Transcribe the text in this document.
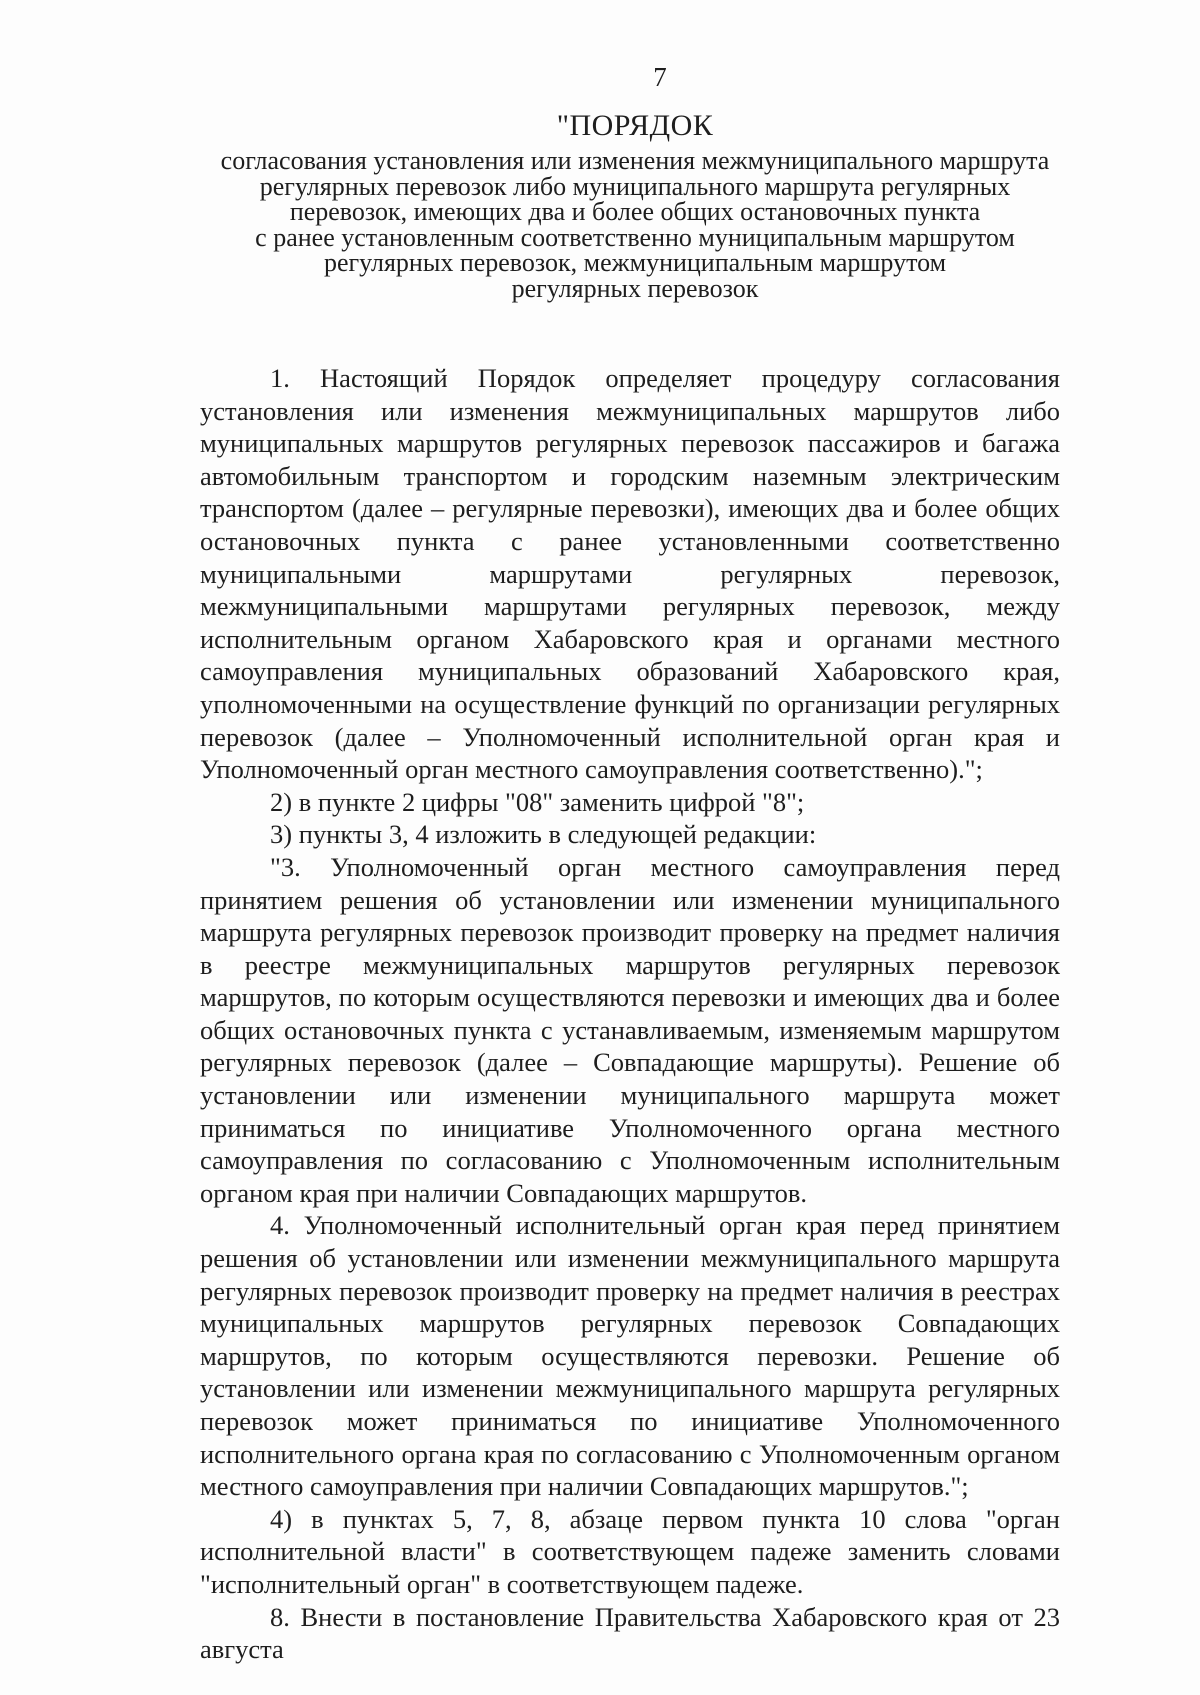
7
"ПОРЯДОК
согласования установления или изменения межмуниципального маршрута
регулярных перевозок либо муниципального маршрута регулярных
перевозок, имеющих два и более общих остановочных пункта
с ранее установленным соответственно муниципальным маршрутом
регулярных перевозок, межмуниципальным маршрутом
регулярных перевозок

1. Настоящий Порядок определяет процедуру согласования установления или изменения межмуниципальных маршрутов либо муниципальных маршрутов регулярных перевозок пассажиров и багажа автомобильным транспортом и городским наземным электрическим транспортом (далее – регулярные перевозки), имеющих два и более общих остановочных пункта с ранее установленными соответственно муниципальными маршрутами регулярных перевозок, межмуниципальными маршрутами регулярных перевозок, между исполнительным органом Хабаровского края и органами местного самоуправления муниципальных образований Хабаровского края, уполномоченными на осуществление функций по организации регулярных перевозок (далее – Уполномоченный исполнительной орган края и Уполномоченный орган местного самоуправления соответственно).";

2) в пункте 2 цифры "08" заменить цифрой "8";

3) пункты 3, 4 изложить в следующей редакции:

"3. Уполномоченный орган местного самоуправления перед принятием решения об установлении или изменении муниципального маршрута регулярных перевозок производит проверку на предмет наличия в реестре межмуниципальных маршрутов регулярных перевозок маршрутов, по которым осуществляются перевозки и имеющих два и более общих остановочных пункта с устанавливаемым, изменяемым маршрутом регулярных перевозок (далее – Совпадающие маршруты). Решение об установлении или изменении муниципального маршрута может приниматься по инициативе Уполномоченного органа местного самоуправления по согласованию с Уполномоченным исполнительным органом края при наличии Совпадающих маршрутов.

4. Уполномоченный исполнительный орган края перед принятием решения об установлении или изменении межмуниципального маршрута регулярных перевозок производит проверку на предмет наличия в реестрах муниципальных маршрутов регулярных перевозок Совпадающих маршрутов, по которым осуществляются перевозки. Решение об установлении или изменении межмуниципального маршрута регулярных перевозок может приниматься по инициативе Уполномоченного исполнительного органа края по согласованию с Уполномоченным органом местного самоуправления при наличии Совпадающих маршрутов.";

4) в пунктах 5, 7, 8, абзаце первом пункта 10 слова "орган исполнительной власти" в соответствующем падеже заменить словами "исполнительный орган" в соответствующем падеже.

8. Внести в постановление Правительства Хабаровского края от 23 августа
